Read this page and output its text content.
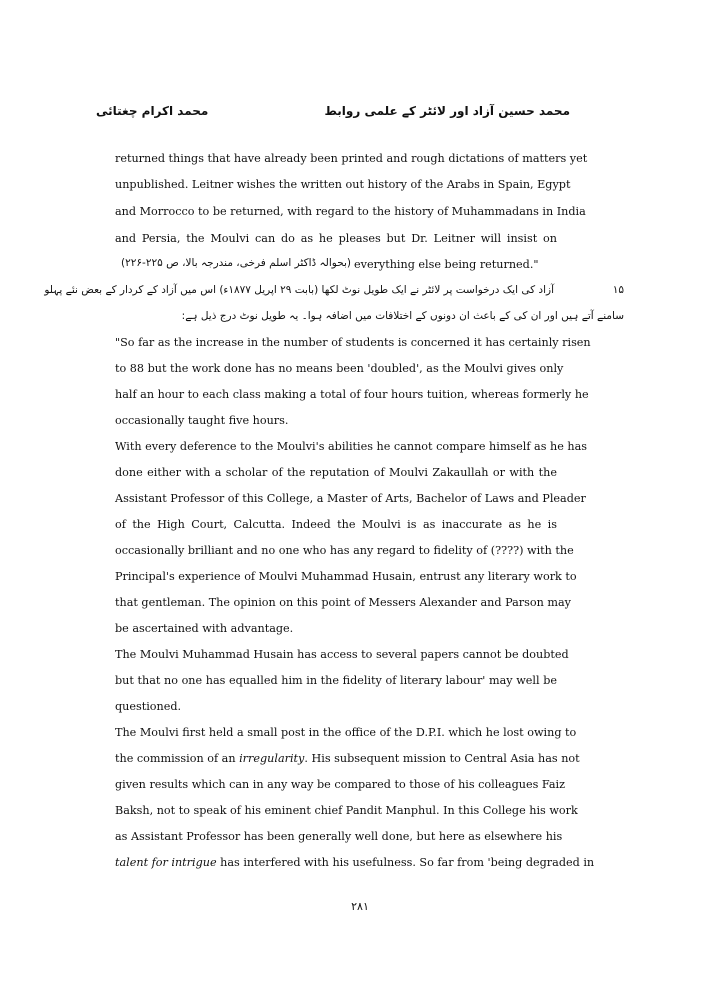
محمد حسین آزاد اور لائٹر کے علمی روابط
محمد اکرام چغتائی
returned things that have already been printed and rough dictations of matters yet
unpublished. Leitner wishes the written out history of the Arabs in Spain, Egypt
and Morrocco to be returned, with regard to the history of Muhammadans in India
and Persia, the Moulvi can do as he pleases but Dr. Leitner will insist on
everything else being returned."
(بحوالہ ڈاکٹر اسلم فرخی، مندرجہ بالا، ص ۲۲۵-۲۲۶)
۱۵
آزاد کی ایک درخواست پر لائٹر نے ایک طویل نوٹ لکھا (بابت ۲۹ اپریل ۱۸۷۷ء) اس میں آزاد کے کردار کے بعض نئے پہلو
سامنے آتے ہیں اور ان کی کے باعث ان دونوں کے اختلافات میں اضافہ ہوا۔ یہ طویل نوٹ درج ذیل ہے:
"So far as the increase in the number of students is concerned it has certainly risen
to 88 but the work done has no means been 'doubled', as the Moulvi gives only
half an hour to each class making a total of four hours tuition, whereas formerly he
occasionally taught five hours.
With every deference to the Moulvi's abilities he cannot compare himself as he has
done either with a scholar of the reputation of Moulvi Zakaullah or with the
Assistant Professor of this College, a Master of Arts, Bachelor of Laws and Pleader
of the High Court, Calcutta. Indeed the Moulvi is as inaccurate as he is
occasionally brilliant and no one who has any regard to fidelity of (????) with the
Principal's experience of Moulvi Muhammad Husain, entrust any literary work to
that gentleman. The opinion on this point of Messers Alexander and Parson may
be ascertained with advantage.
The Moulvi Muhammad Husain has access to several papers cannot be doubted
but that no one has equalled him in the fidelity of literary labour' may well be
questioned.
The Moulvi first held a small post in the office of the D.P.I. which he lost owing to
the commission of an irregularity. His subsequent mission to Central Asia has not
given results which can in any way be compared to those of his colleagues Faiz
Baksh, not to speak of his eminent chief Pandit Manphul. In this College his work
as Assistant Professor has been generally well done, but here as elsewhere his
talent for intrigue has interfered with his usefulness. So far from 'being degraded in
۲۸۱
